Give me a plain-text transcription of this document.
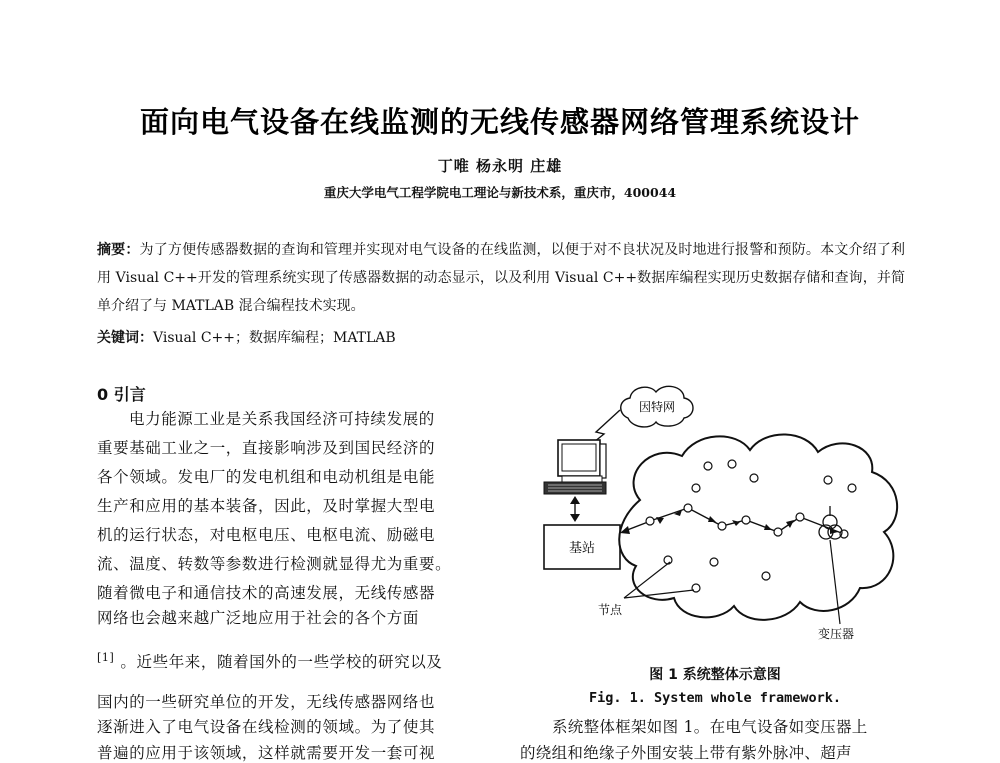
面向电气设备在线监测的无线传感器网络管理系统设计
丁唯 杨永明 庄雄
重庆大学电气工程学院电工理论与新技术系，重庆市，400044
摘要：为了方便传感器数据的查询和管理并实现对电气设备的在线监测，以便于对不良状况及时地进行报警和预防。本文介绍了利用 Visual C++开发的管理系统实现了传感器数据的动态显示，以及利用 Visual C++数据库编程实现历史数据存储和查询，并简单介绍了与 MATLAB 混合编程技术实现。
关键词：Visual C++；数据库编程；MATLAB
0 引言
电力能源工业是关系我国经济可持续发展的
重要基础工业之一，直接影响涉及到国民经济的
各个领域。发电厂的发电机组和电动机组是电能
生产和应用的基本装备，因此，及时掌握大型电
机的运行状态，对电枢电压、电枢电流、励磁电
流、温度、转数等参数进行检测就显得尤为重要。
随着微电子和通信技术的高速发展，无线传感器
网络也会越来越广泛地应用于社会的各个方面
[1] 。近些年来，随着国外的一些学校的研究以及
国内的一些研究单位的开发，无线传感器网络也
逐渐进入了电气设备在线检测的领域。为了使其
普遍的应用于该领域，这样就需要开发一套可视
因特网
基站
节点
变压器
图 1 系统整体示意图
Fig. 1. System whole framework.
系统整体框架如图 1。在电气设备如变压器上
的绕组和绝缘子外围安装上带有紫外脉冲、超声
